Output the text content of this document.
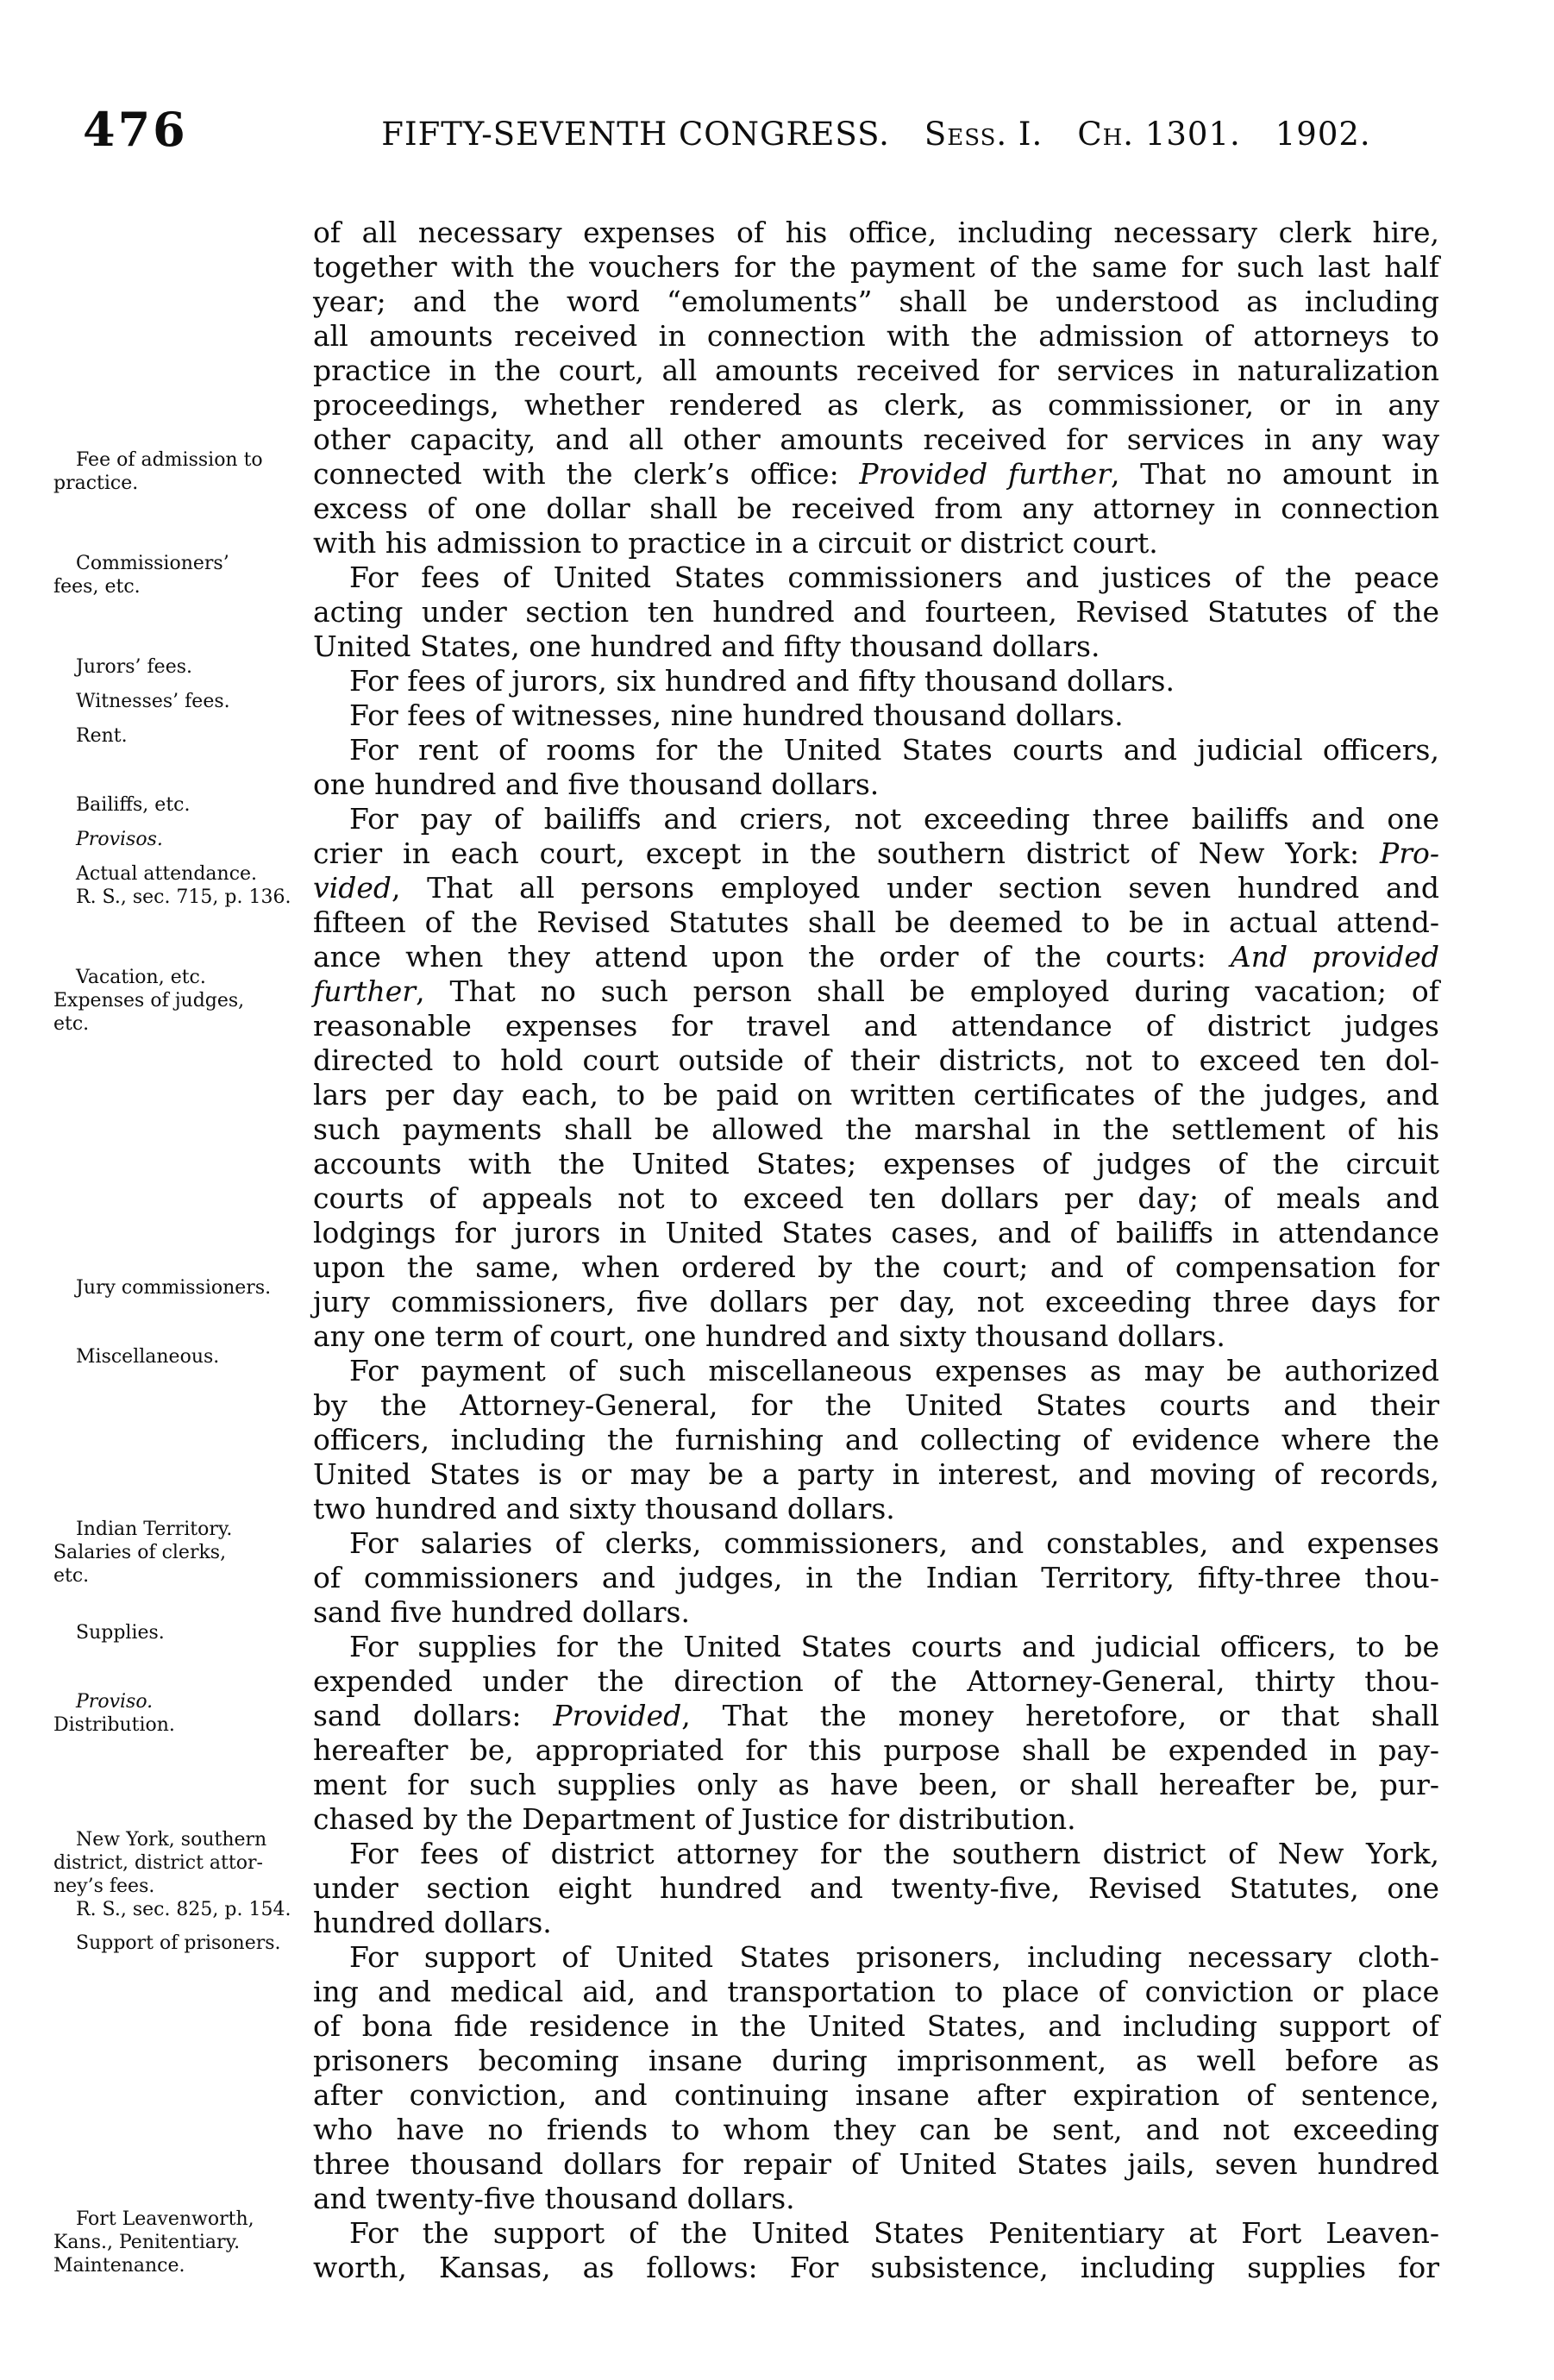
476	FIFTY-SEVENTH CONGRESS. Sess. I. Ch. 1301. 1902.
Fee of admission to
practice.
Commissioners’
fees, etc.
Jurors’ fees.
Witnesses’ fees.
Rent.
Bailiffs, etc.
Provisos.
Actual attendance.
R. S., sec. 715, p. 136.
Vacation, etc.
Expenses of judges,
etc.
Jury commissioners.
Miscellaneous.
Indian Territory.
Salaries of clerks,
etc.
Supplies.
Proviso.
Distribution.
New York, southern
district, district attor-
ney’s fees.
R. S., sec. 825, p. 154.
Support of prisoners.
Fort Leavenworth,
Kans., Penitentiary.
Maintenance.
of all necessary expenses of his office, including necessary clerk hire,
together with the vouchers for the payment of the same for such last half
year; and the word “emoluments” shall be understood as including
all amounts received in connection with the admission of attorneys to
practice in the court, all amounts received for services in naturalization
proceedings, whether rendered as clerk, as commissioner, or in any
other capacity, and all other amounts received for services in any way
connected with the clerk’s office: Provided further, That no amount in
excess of one dollar shall be received from any attorney in connection
with his admission to practice in a circuit or district court.
For fees of United States commissioners and justices of the peace
acting under section ten hundred and fourteen, Revised Statutes of the
United States, one hundred and fifty thousand dollars.
For fees of jurors, six hundred and fifty thousand dollars.
For fees of witnesses, nine hundred thousand dollars.
For rent of rooms for the United States courts and judicial officers,
one hundred and five thousand dollars.
For pay of bailiffs and criers, not exceeding three bailiffs and one
crier in each court, except in the southern district of New York: Pro-
vided, That all persons employed under section seven hundred and
fifteen of the Revised Statutes shall be deemed to be in actual attend-
ance when they attend upon the order of the courts: And provided
further, That no such person shall be employed during vacation; of
reasonable expenses for travel and attendance of district judges
directed to hold court outside of their districts, not to exceed ten dol-
lars per day each, to be paid on written certificates of the judges, and
such payments shall be allowed the marshal in the settlement of his
accounts with the United States; expenses of judges of the circuit
courts of appeals not to exceed ten dollars per day; of meals and
lodgings for jurors in United States cases, and of bailiffs in attendance
upon the same, when ordered by the court; and of compensation for
jury commissioners, five dollars per day, not exceeding three days for
any one term of court, one hundred and sixty thousand dollars.
For payment of such miscellaneous expenses as may be authorized
by the Attorney-General, for the United States courts and their
officers, including the furnishing and collecting of evidence where the
United States is or may be a party in interest, and moving of records,
two hundred and sixty thousand dollars.
For salaries of clerks, commissioners, and constables, and expenses
of commissioners and judges, in the Indian Territory, fifty-three thou-
sand five hundred dollars.
For supplies for the United States courts and judicial officers, to be
expended under the direction of the Attorney-General, thirty thou-
sand dollars: Provided, That the money heretofore, or that shall
hereafter be, appropriated for this purpose shall be expended in pay-
ment for such supplies only as have been, or shall hereafter be, pur-
chased by the Department of Justice for distribution.
For fees of district attorney for the southern district of New York,
under section eight hundred and twenty-five, Revised Statutes, one
hundred dollars.
For support of United States prisoners, including necessary cloth-
ing and medical aid, and transportation to place of conviction or place
of bona fide residence in the United States, and including support of
prisoners becoming insane during imprisonment, as well before as
after conviction, and continuing insane after expiration of sentence,
who have no friends to whom they can be sent, and not exceeding
three thousand dollars for repair of United States jails, seven hundred
and twenty-five thousand dollars.
For the support of the United States Penitentiary at Fort Leaven-
worth, Kansas, as follows: For subsistence, including supplies for
